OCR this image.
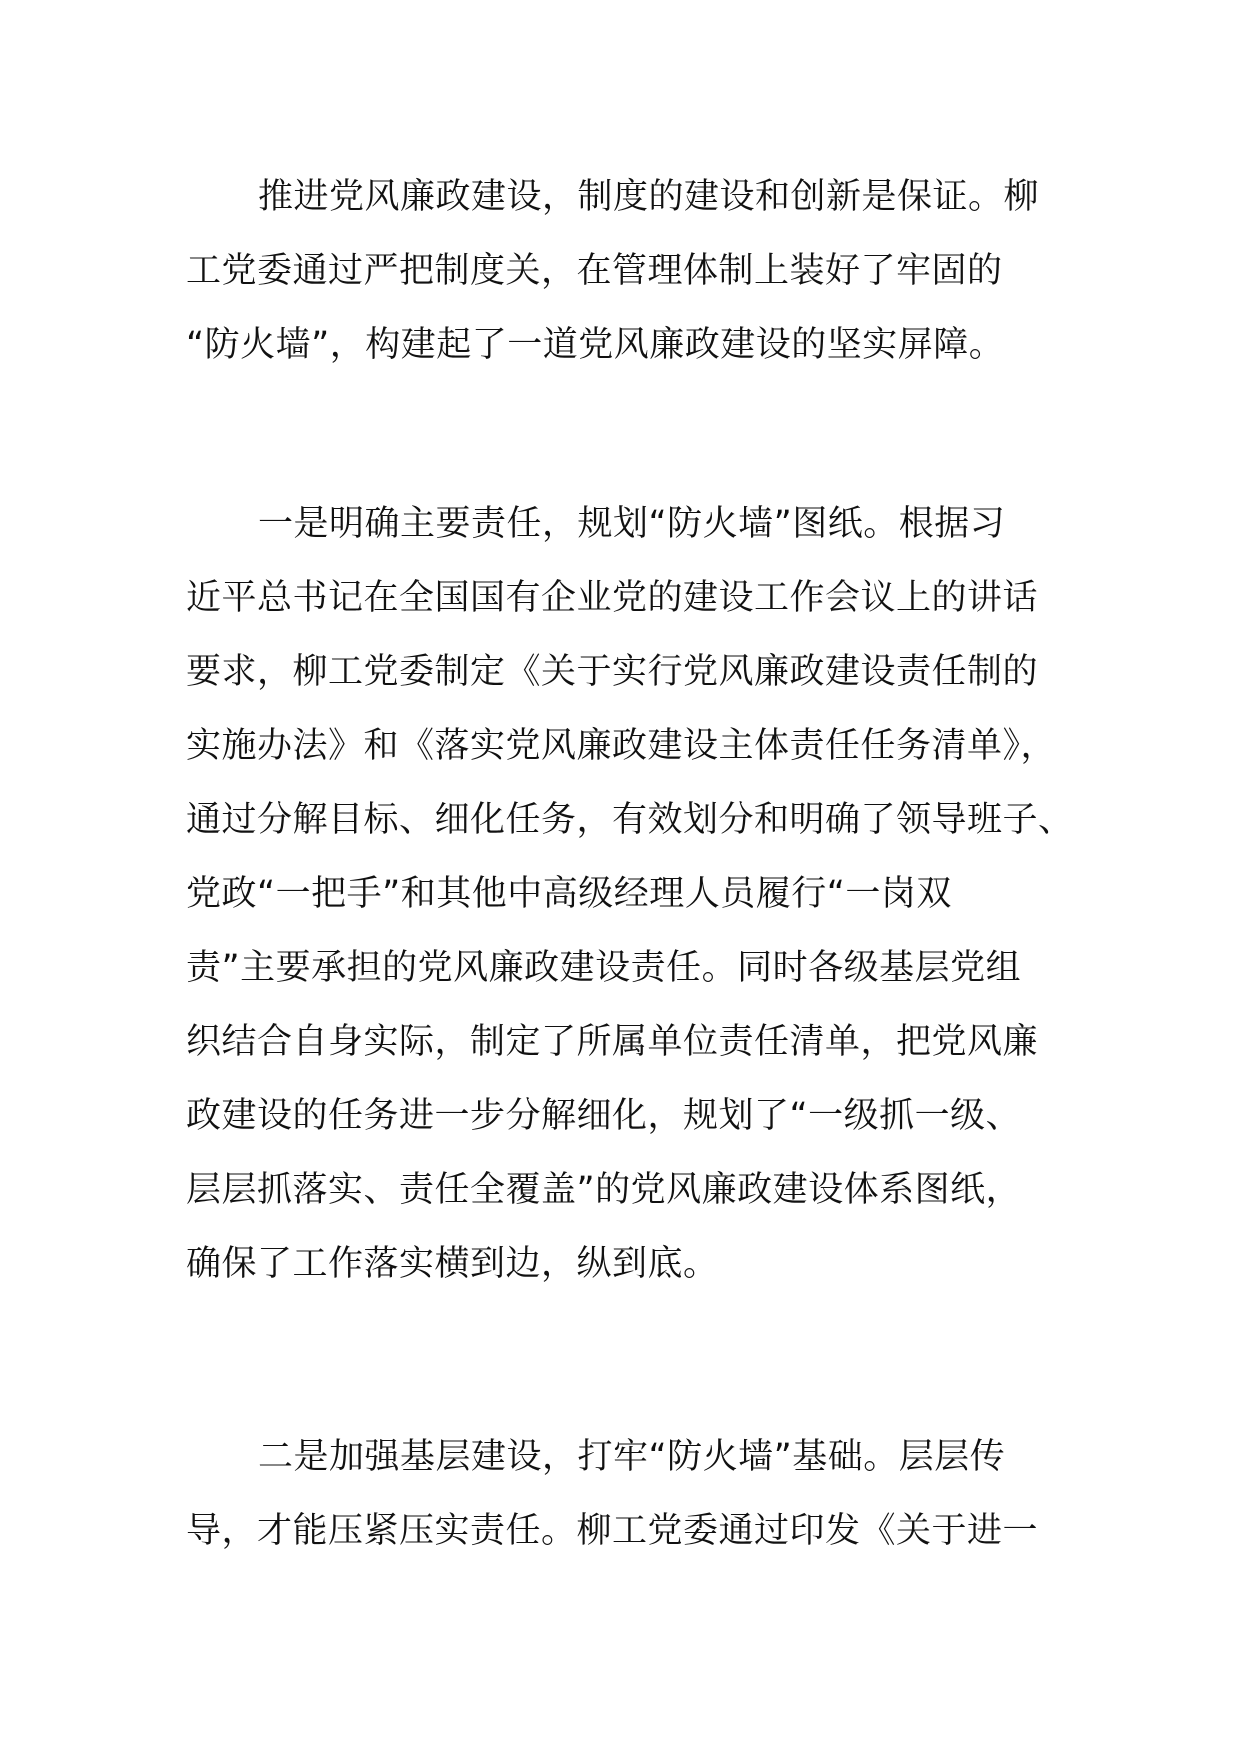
推进党风廉政建设，制度的建设和创新是保证。柳
工党委通过严把制度关，在管理体制上装好了牢固的
“防火墙”，构建起了一道党风廉政建设的坚实屏障。
一是明确主要责任，规划“防火墙”图纸。根据习
近平总书记在全国国有企业党的建设工作会议上的讲话
要求，柳工党委制定《关于实行党风廉政建设责任制的
实施办法》和《落实党风廉政建设主体责任任务清单》，
通过分解目标、细化任务，有效划分和明确了领导班子、
党政“一把手”和其他中高级经理人员履行“一岗双
责”主要承担的党风廉政建设责任。同时各级基层党组
织结合自身实际，制定了所属单位责任清单，把党风廉
政建设的任务进一步分解细化，规划了“一级抓一级、
层层抓落实、责任全覆盖”的党风廉政建设体系图纸，
确保了工作落实横到边，纵到底。
二是加强基层建设，打牢“防火墙”基础。层层传
导，才能压紧压实责任。柳工党委通过印发《关于进一
